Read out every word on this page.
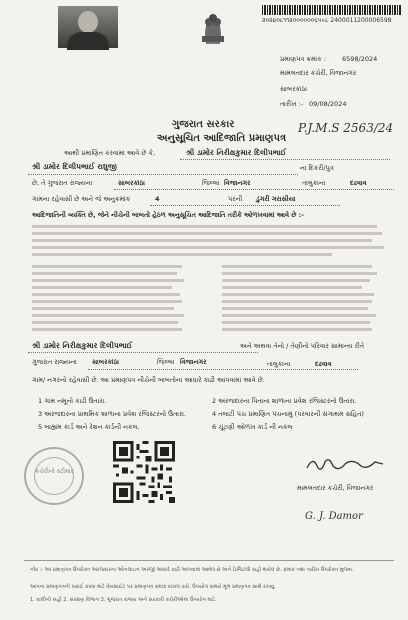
૨૦૨૪૦૮૧૧૨૦૦૦૦૦૦૬૫૯૮ 2400011200006598
પ્રમાણપત્ર ક્રમાંક : 6598/2024
મામલતદાર કચેરી, વિજાનગર
સાબરકાંઠા
તારીખ :- 09/08/2024
P.J.M.S 2563/24
ગુજરાત સરકાર
અનુસૂચિત આદિજાતિ પ્રમાણપત્ર
આથી પ્રમાણિત કરવામાં આવે છે કે,	શ્રી ડામોર નિરીક્ષકુમાર દિલીપભાઈ
ના દિકરી/પુત્ર
શ્રી ડામોર દિલીપભાઈ રાઘુજી
છે, તે ગુજરાત રાજ્યના	સાબરકાંઠા	જિલ્લા વિજાનગર	તાલુકાના	દઢવાવ
ગામના રહેવાસી છે અને જે અનુક્રમાંક	4	પરની ડુંગરી ગરાસીયા
આદિજાતિની વ્યક્તિ છે, જેને નીચેની બાબતો હેઠળ અનુસૂચિત આદિજાતિ તરીકે ઓળખવામાં આવે છે :-
શ્રી ડામોર નિરીક્ષકુમાર દિલીપભાઈ	અને અથવા તેનો / તેણીનો પરિવાર સામાન્ય રીતે
ગુજરાત રાજ્યના સાબરકાંઠા	જિલ્લા વિજાનગર	તાલુકાના	દઢવાવ
ગામ/ નગરનો રહેવાસી છે. આ પ્રમાણપત્ર નીચેની બાબતોના આધારે કાઢી આપવામાં આવે છે.
1 ગામ નમૂનો કાઢી ઉતારા.	2 અરજદારના પિતાના શાળાના પ્રવેશ રજિસ્ટરનો ઉતારા.
3 અરજદારના પ્રાથમિક શાળાના પ્રવેશ રજિસ્ટરનો ઉતારા.	4 તલાટી પંચ પ્રમાણિત પંચનામું (પરવારની સંગાથમ સહિત)
5 બાહ્યમ કાર્ડ અને રેશન કાર્ડની નકલ.	6 ચૂંટણી ઓળખ કાર્ડ ની નકલ
કચેરીનો સ્ટીમાર
મામલતદાર કચેરી, વિજાનગર
G. J. Damor
નોંધ :- આ પ્રમાણપત્ર ઉપરોક્ત અરજદારના ઓનલાઇન અરજી આધારે કાઢી આપવામાં આવેલ છે અને ડિજિટલી સહી થયેલ છે. ક્રમાંક તથા તારીખ ઉપરોક્ત મુજબ.
આપના પ્રમાણપત્રની ખરાઈ કરવા માટે વેબસાઈટ પર પ્રમાણપત્ર ક્રમાંક દાખલ કરો. ઉપયોગ સમયે મૂળ પ્રમાણપત્ર સાથે રાખવું.
1. વાલીની સહી 2. સંરક્ષણ વિભાગ 3. ગુજરાત રાજ્ય અને સરકારી કચેરીઓમાં ઉપયોગ માટે.
